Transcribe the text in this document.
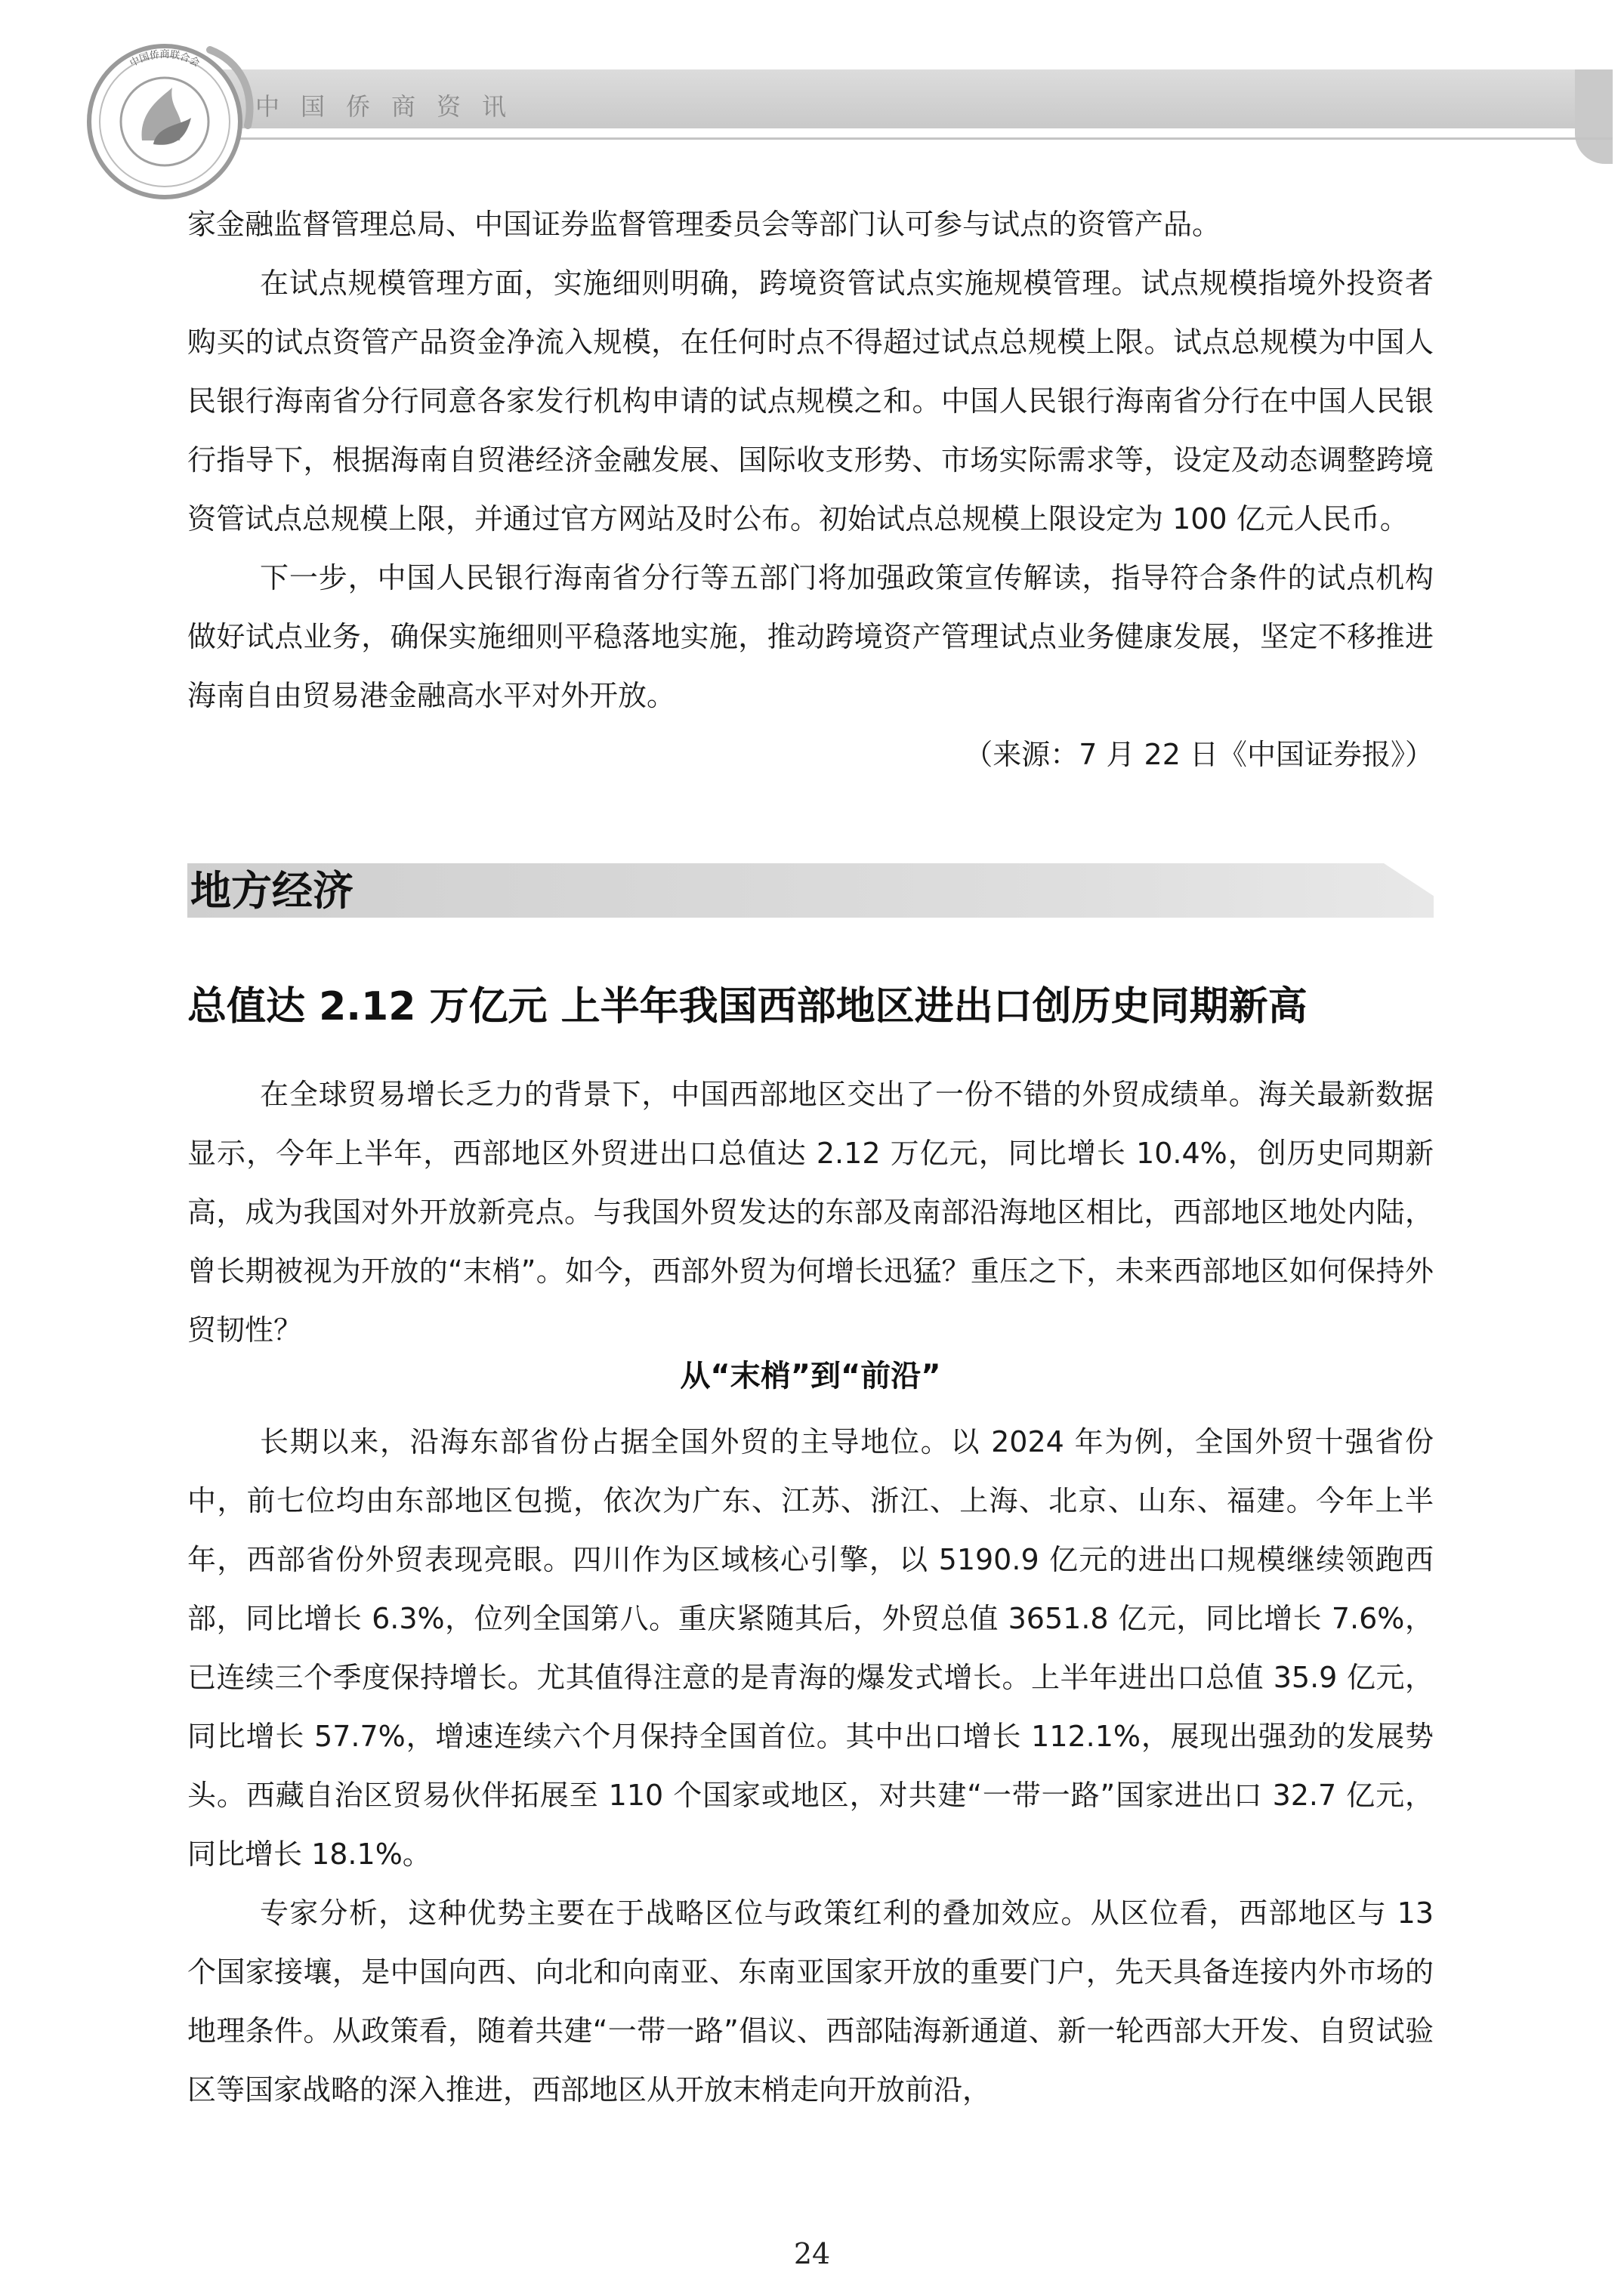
中国侨商资讯
中国侨商联合会

家金融监督管理总局、中国证券监督管理委员会等部门认可参与试点的资管产品。

在试点规模管理方面，实施细则明确，跨境资管试点实施规模管理。试点规模指境外投资者购买的试点资管产品资金净流入规模，在任何时点不得超过试点总规模上限。试点总规模为中国人民银行海南省分行同意各家发行机构申请的试点规模之和。中国人民银行海南省分行在中国人民银行指导下，根据海南自贸港经济金融发展、国际收支形势、市场实际需求等，设定及动态调整跨境资管试点总规模上限，并通过官方网站及时公布。初始试点总规模上限设定为 100 亿元人民币。

下一步，中国人民银行海南省分行等五部门将加强政策宣传解读，指导符合条件的试点机构做好试点业务，确保实施细则平稳落地实施，推动跨境资产管理试点业务健康发展，坚定不移推进海南自由贸易港金融高水平对外开放。

（来源：7 月 22 日《中国证券报》）

地方经济
总值达 2.12 万亿元 上半年我国西部地区进出口创历史同期新高

在全球贸易增长乏力的背景下，中国西部地区交出了一份不错的外贸成绩单。海关最新数据显示，今年上半年，西部地区外贸进出口总值达 2.12 万亿元，同比增长 10.4%，创历史同期新高，成为我国对外开放新亮点。与我国外贸发达的东部及南部沿海地区相比，西部地区地处内陆，曾长期被视为开放的“末梢”。如今，西部外贸为何增长迅猛？重压之下，未来西部地区如何保持外贸韧性？

从“末梢”到“前沿”

长期以来，沿海东部省份占据全国外贸的主导地位。以 2024 年为例，全国外贸十强省份中，前七位均由东部地区包揽，依次为广东、江苏、浙江、上海、北京、山东、福建。今年上半年，西部省份外贸表现亮眼。四川作为区域核心引擎，以 5190.9 亿元的进出口规模继续领跑西部，同比增长 6.3%，位列全国第八。重庆紧随其后，外贸总值 3651.8 亿元，同比增长 7.6%，已连续三个季度保持增长。尤其值得注意的是青海的爆发式增长。上半年进出口总值 35.9 亿元，同比增长 57.7%，增速连续六个月保持全国首位。其中出口增长 112.1%，展现出强劲的发展势头。西藏自治区贸易伙伴拓展至 110 个国家或地区，对共建“一带一路”国家进出口 32.7 亿元，同比增长 18.1%。

专家分析，这种优势主要在于战略区位与政策红利的叠加效应。从区位看，西部地区与 13 个国家接壤，是中国向西、向北和向南亚、东南亚国家开放的重要门户，先天具备连接内外市场的地理条件。从政策看，随着共建“一带一路”倡议、西部陆海新通道、新一轮西部大开发、自贸试验区等国家战略的深入推进，西部地区从开放末梢走向开放前沿，

24
